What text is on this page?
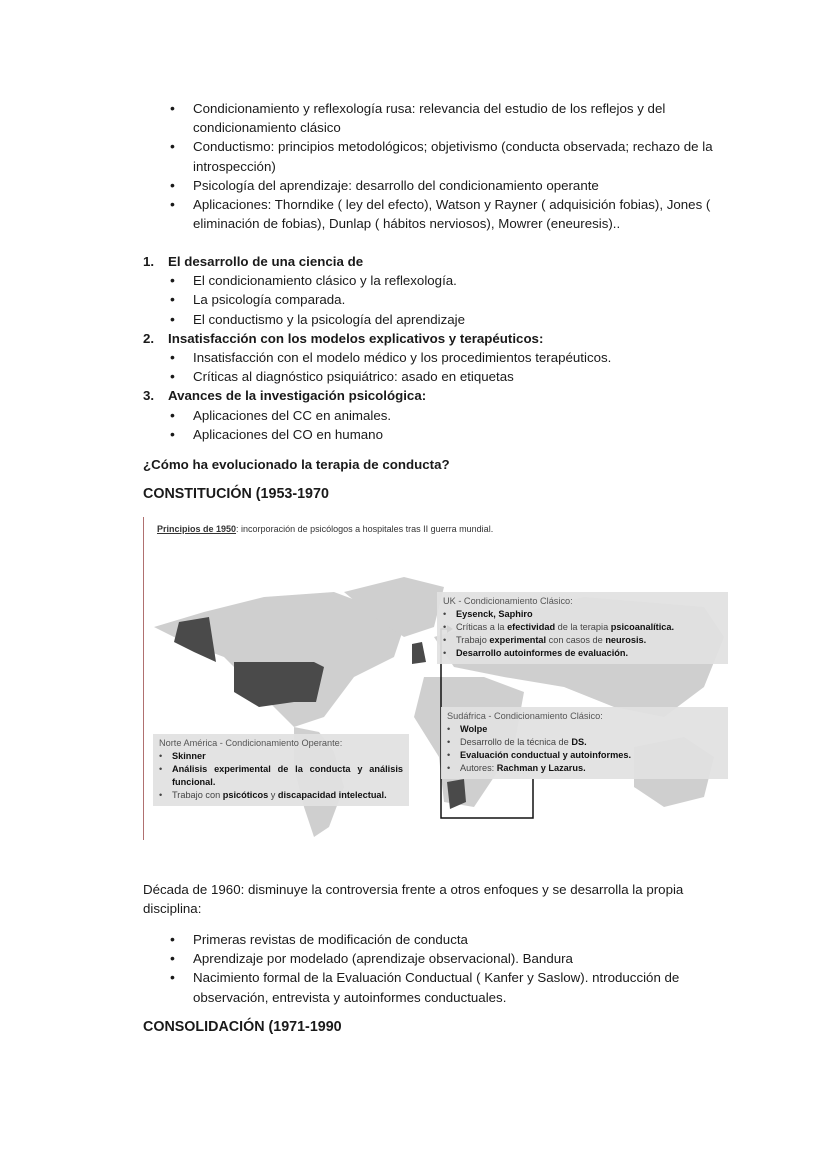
• Condicionamiento y reflexología rusa: relevancia del estudio de los reflejos y del condicionamiento clásico
• Conductismo: principios metodológicos; objetivismo (conducta observada; rechazo de la introspección)
• Psicología del aprendizaje: desarrollo del condicionamiento operante
• Aplicaciones: Thorndike ( ley del efecto), Watson y Rayner ( adquisición fobias), Jones ( eliminación de fobias), Dunlap ( hábitos nerviosos), Mowrer (eneuresis)..
1. El desarrollo de una ciencia de
• El condicionamiento clásico y la reflexología.
• La psicología comparada.
• El conductismo y la psicología del aprendizaje
2. Insatisfacción con los modelos explicativos y terapéuticos:
• Insatisfacción con el modelo médico y los procedimientos terapéuticos.
• Críticas al diagnóstico psiquiátrico: asado en etiquetas
3. Avances de la investigación psicológica:
• Aplicaciones del CC en animales.
• Aplicaciones del CO en humano
¿Cómo ha evolucionado la terapia de conducta?
CONSTITUCIÓN (1953-1970
Principios de 1950: incorporación de psicólogos a hospitales tras II guerra mundial.
UK - Condicionamiento Clásico:
• Eysenck, Saphiro
• Críticas a la efectividad de la terapia psicoanalítica.
• Trabajo experimental con casos de neurosis.
• Desarrollo autoinformes de evaluación.
Sudáfrica - Condicionamiento Clásico:
• Wolpe
• Desarrollo de la técnica de DS.
• Evaluación conductual y autoinformes.
• Autores: Rachman y Lazarus.
Norte América - Condicionamiento Operante:
• Skinner
• Análisis experimental de la conducta y análisis funcional.
• Trabajo con psicóticos y discapacidad intelectual.
Década de 1960: disminuye la controversia frente a otros enfoques y se desarrolla la propia disciplina:
• Primeras revistas de modificación de conducta
• Aprendizaje por modelado (aprendizaje observacional). Bandura
• Nacimiento formal de la Evaluación Conductual ( Kanfer y Saslow). ntroducción de observación, entrevista y autoinformes conductuales.
CONSOLIDACIÓN (1971-1990
